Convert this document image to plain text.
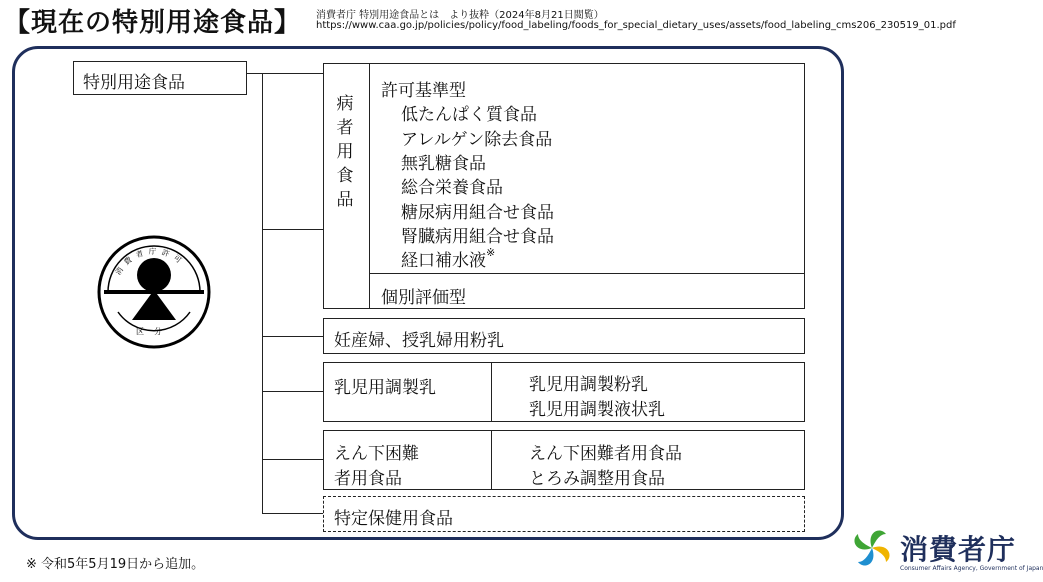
【現在の特別用途食品】 消費者庁 特別用途食品とは　より抜粋（2024年8月21日閲覧）
https://www.caa.go.jp/policies/policy/food_labeling/foods_for_special_dietary_uses/assets/food_labeling_cms206_230519_01.pdf
特別用途食品
病
者
用
食
品
許可基準型
低たんぱく質食品
アレルゲン除去食品
無乳糖食品
総合栄養食品
糖尿病用組合せ食品
腎臓病用組合せ食品
経口補水液※
個別評価型
妊産婦、授乳婦用粉乳
乳児用調製乳	乳児用調製粉乳
乳児用調製液状乳
えん下困難
者用食品
えん下困難者用食品
とろみ調整用食品
特定保健用食品
消費者庁許可
区分
※ 令和5年5月19日から追加。	消費者庁
Consumer Affairs Agency, Government of Japan
